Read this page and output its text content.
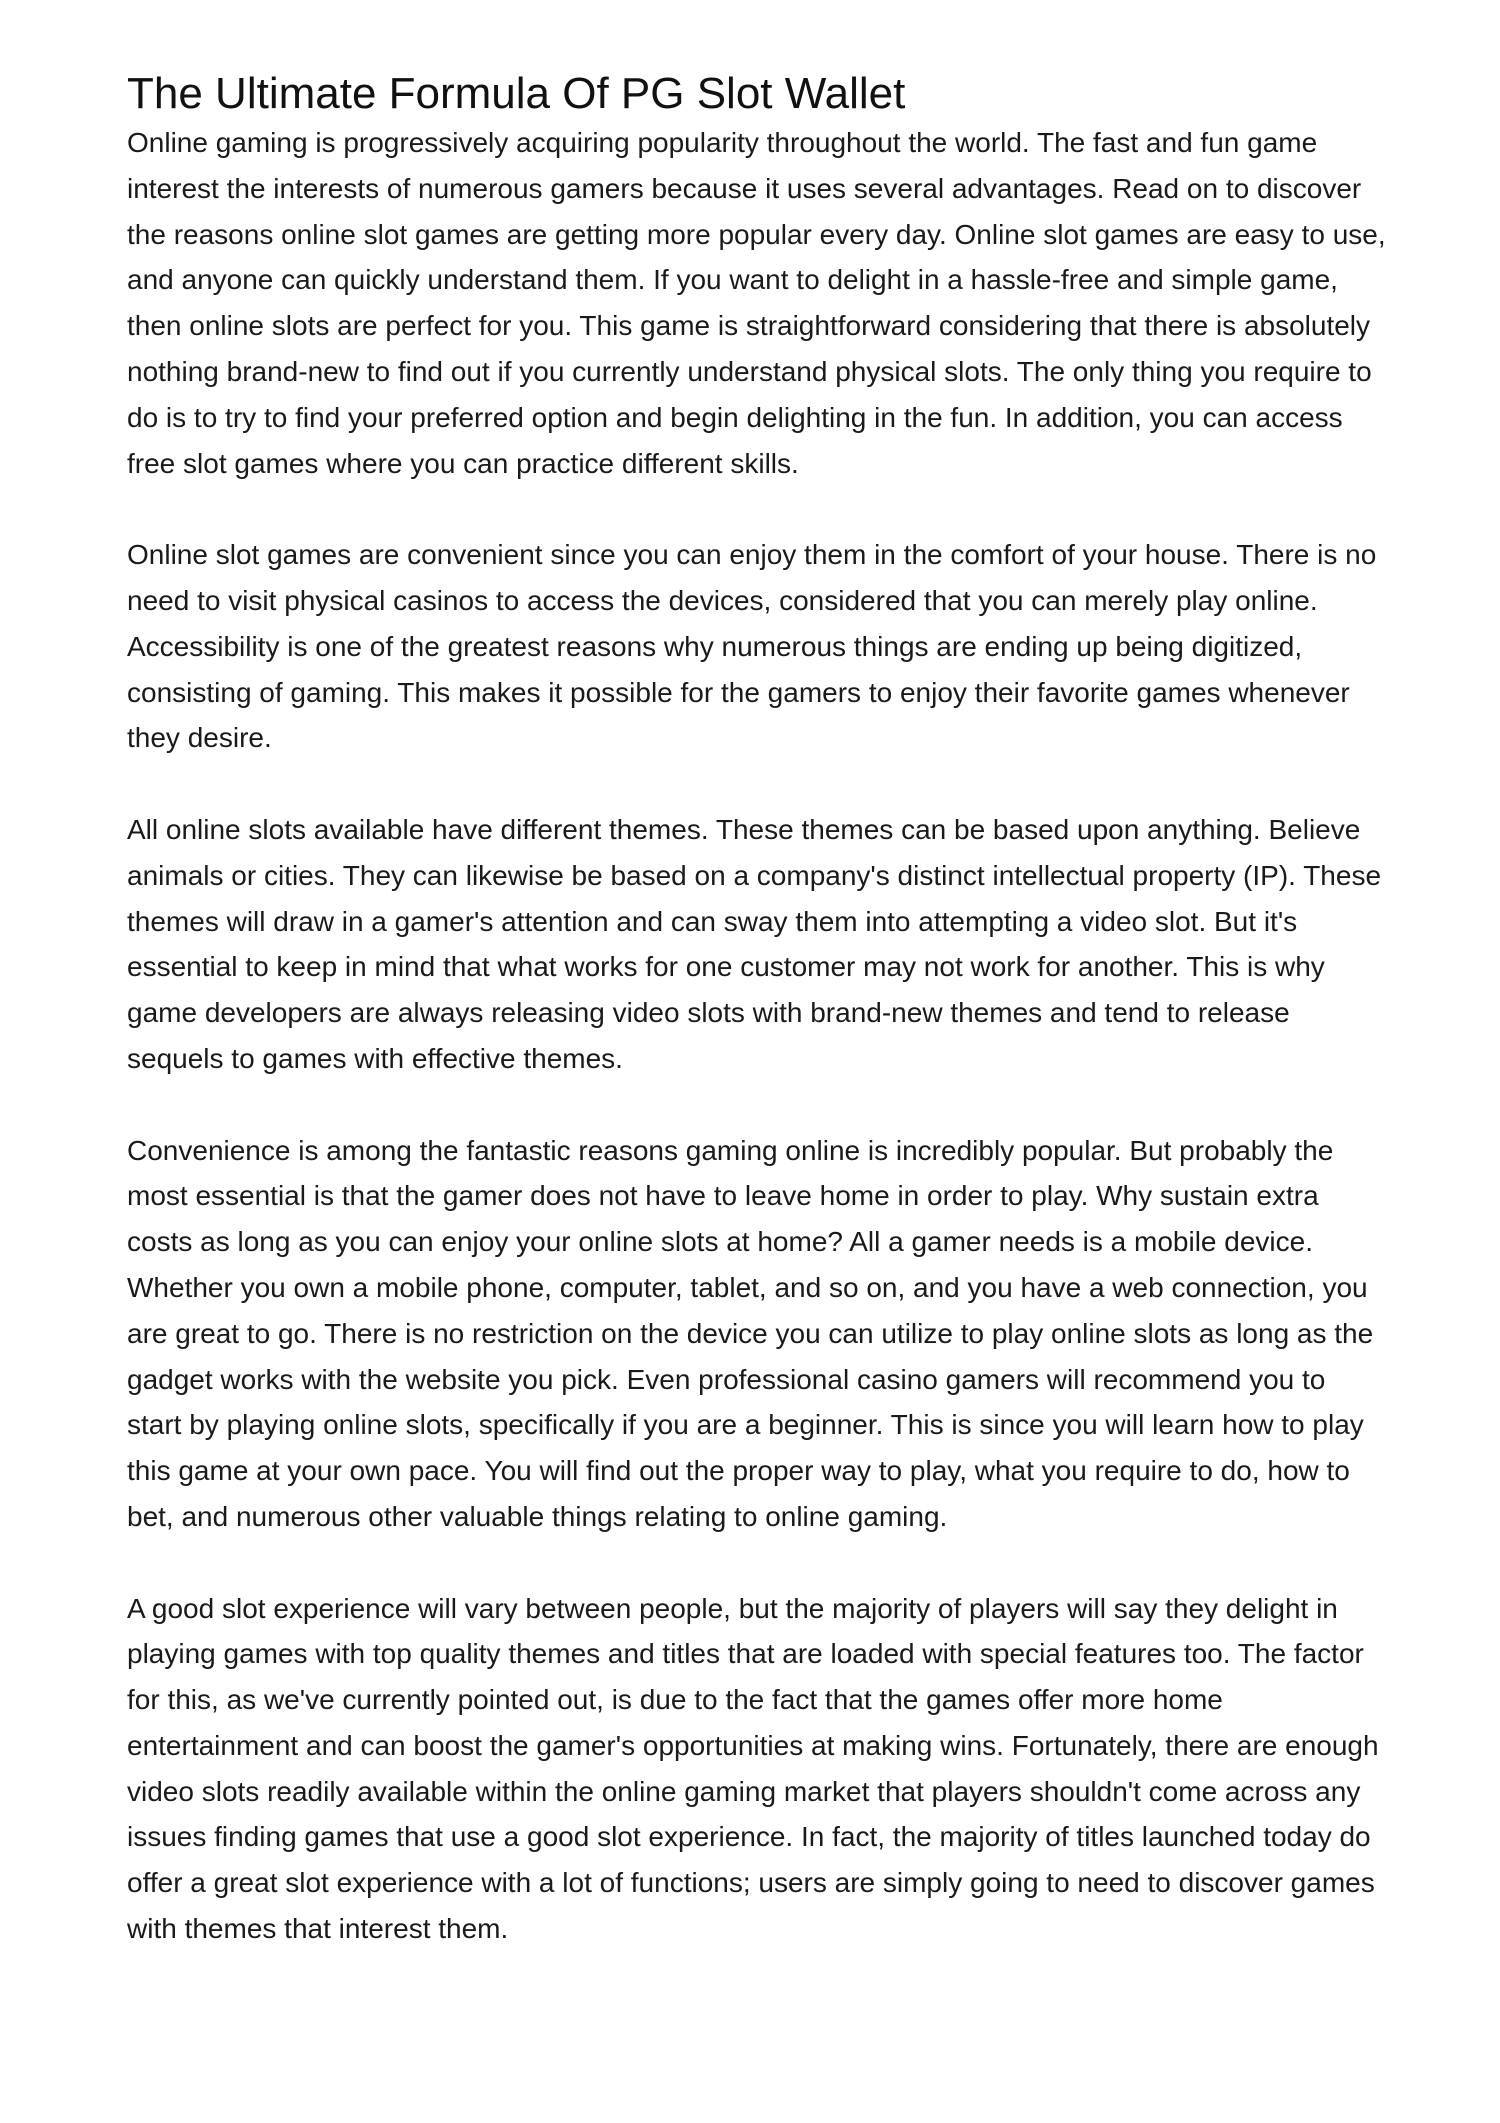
The Ultimate Formula Of PG Slot Wallet

Online gaming is progressively acquiring popularity throughout the world. The fast and fun game interest the interests of numerous gamers because it uses several advantages. Read on to discover the reasons online slot games are getting more popular every day. Online slot games are easy to use, and anyone can quickly understand them. If you want to delight in a hassle-free and simple game, then online slots are perfect for you. This game is straightforward considering that there is absolutely nothing brand-new to find out if you currently understand physical slots. The only thing you require to do is to try to find your preferred option and begin delighting in the fun. In addition, you can access free slot games where you can practice different skills.

Online slot games are convenient since you can enjoy them in the comfort of your house. There is no need to visit physical casinos to access the devices, considered that you can merely play online. Accessibility is one of the greatest reasons why numerous things are ending up being digitized, consisting of gaming. This makes it possible for the gamers to enjoy their favorite games whenever they desire.

All online slots available have different themes. These themes can be based upon anything. Believe animals or cities. They can likewise be based on a company's distinct intellectual property (IP). These themes will draw in a gamer's attention and can sway them into attempting a video slot. But it's essential to keep in mind that what works for one customer may not work for another. This is why game developers are always releasing video slots with brand-new themes and tend to release sequels to games with effective themes.

Convenience is among the fantastic reasons gaming online is incredibly popular. But probably the most essential is that the gamer does not have to leave home in order to play. Why sustain extra costs as long as you can enjoy your online slots at home? All a gamer needs is a mobile device. Whether you own a mobile phone, computer, tablet, and so on, and you have a web connection, you are great to go. There is no restriction on the device you can utilize to play online slots as long as the gadget works with the website you pick. Even professional casino gamers will recommend you to start by playing online slots, specifically if you are a beginner. This is since you will learn how to play this game at your own pace. You will find out the proper way to play, what you require to do, how to bet, and numerous other valuable things relating to online gaming.

A good slot experience will vary between people, but the majority of players will say they delight in playing games with top quality themes and titles that are loaded with special features too. The factor for this, as we've currently pointed out, is due to the fact that the games offer more home entertainment and can boost the gamer's opportunities at making wins. Fortunately, there are enough video slots readily available within the online gaming market that players shouldn't come across any issues finding games that use a good slot experience. In fact, the majority of titles launched today do offer a great slot experience with a lot of functions; users are simply going to need to discover games with themes that interest them.
